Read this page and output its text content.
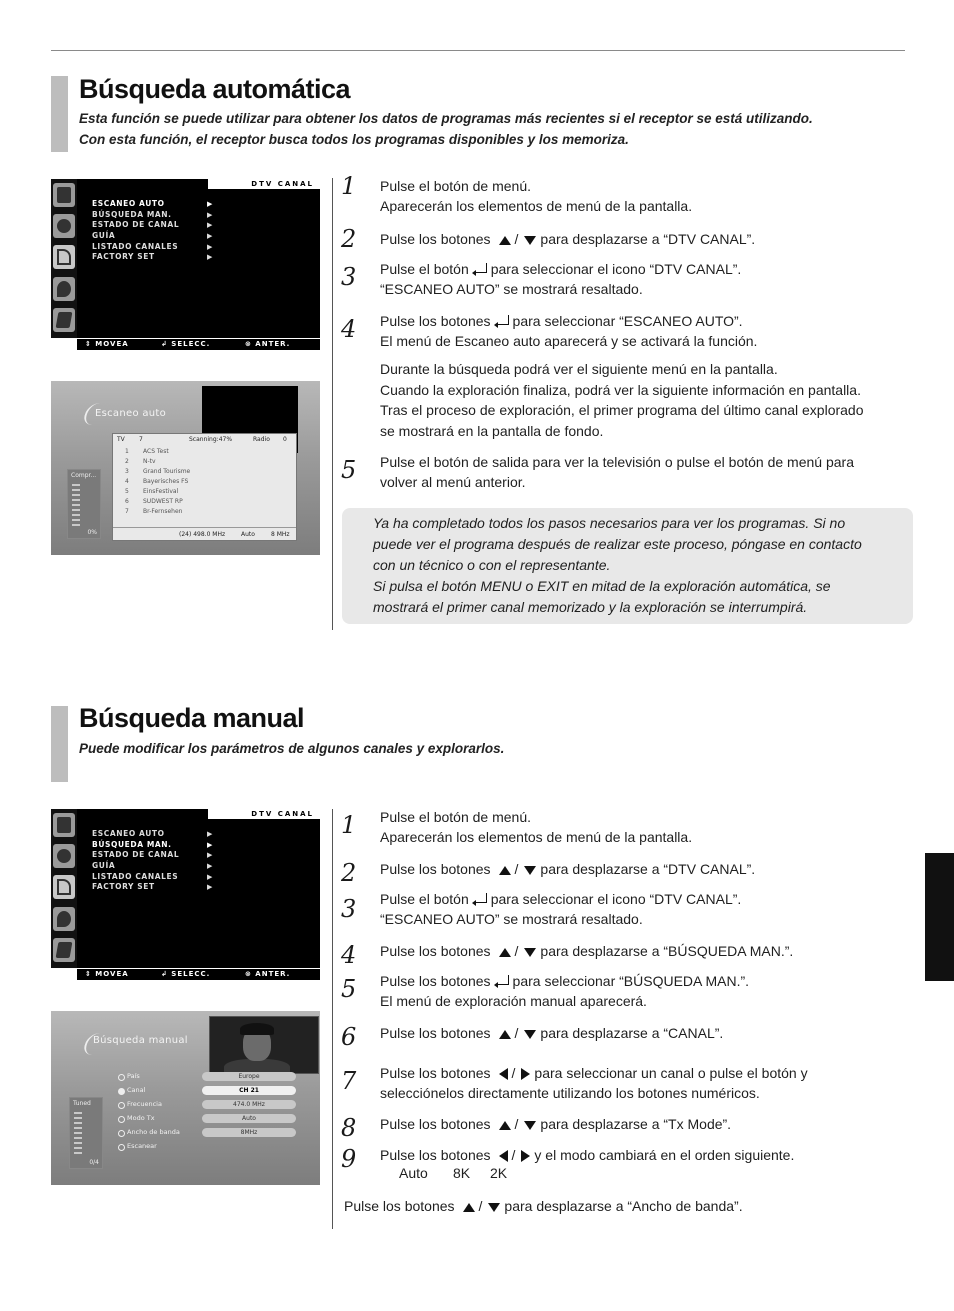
Búsqueda automática

Esta función se puede utilizar para obtener los datos de programas más recientes si el receptor se está utilizando.

Con esta función, el receptor busca todos los programas disponibles y los memoriza.

DTV CANAL
ESCANEO AUTO	▶
BÚSQUEDA MAN.	▶
ESTADO DE CANAL	▶
GUÍA	▶
LISTADO CANALES	▶
FACTORY SET	▶
⇕ MOVEA	↲ SELECC.	⊗ ANTER.
Escaneo auto
Compr...
0%
TV 7	Scanning:47%	Radio 0
1 ACS Test
2 N-tv
3 Grand Tourisme
4 Bayerisches FS
5 EinsFestival
6 SUDWEST RP
7 Br-Fernsehen
(24) 498.0 MHz	Auto	8 MHz
1	Pulse el botón de menú.

Aparecerán los elementos de menú de la pantalla.

2	Pulse los botones / para desplazarse a “DTV CANAL”.

3	Pulse el botón para seleccionar el icono “DTV CANAL”.

“ESCANEO AUTO” se mostrará resaltado.

4	Pulse los botones para seleccionar “ESCANEO AUTO”.

El menú de Escaneo auto aparecerá y se activará la función.

Durante la búsqueda podrá ver el siguiente menú en la pantalla.

Cuando la exploración finaliza, podrá ver la siguiente información en pantalla.

Tras el proceso de exploración, el primer programa del último canal explorado

se mostrará en la pantalla de fondo.

5	Pulse el botón de salida para ver la televisión o pulse el botón de menú para

volver al menú anterior.

Ya ha completado todos los pasos necesarios para ver los programas. Si no
puede ver el programa después de realizar este proceso, póngase en contacto
con un técnico o con el representante.
Si pulsa el botón MENU o EXIT en mitad de la exploración automática, se
mostrará el primer canal memorizado y la exploración se interrumpirá.

Búsqueda manual

Puede modificar los parámetros de algunos canales y explorarlos.

DTV CANAL
ESCANEO AUTO	▶
BÚSQUEDA MAN.	▶
ESTADO DE CANAL	▶
GUÍA	▶
LISTADO CANALES	▶
FACTORY SET	▶
⇕ MOVEA	↲ SELECC.	⊗ ANTER.
Búsqueda manual
Tuned
0/4
País	Europe
Canal	CH 21
Frecuencia	474.0 MHz
Modo Tx	Auto
Ancho de banda	8MHz
Escanear
1	Pulse el botón de menú.

Aparecerán los elementos de menú de la pantalla.

2	Pulse los botones / para desplazarse a “DTV CANAL”.

3	Pulse el botón para seleccionar el icono “DTV CANAL”.

“ESCANEO AUTO” se mostrará resaltado.

4	Pulse los botones / para desplazarse a “BÚSQUEDA MAN.”.

5	Pulse los botones para seleccionar “BÚSQUEDA MAN.”.

El menú de exploración manual aparecerá.

6	Pulse los botones / para desplazarse a “CANAL”.

7	Pulse los botones / para seleccionar un canal o pulse el botón y

selecciónelos directamente utilizando los botones numéricos.

8	Pulse los botones / para desplazarse a “Tx Mode”.

9	Pulse los botones / y el modo cambiará en el orden siguiente.

Auto 8K 2K

Pulse los botones / para desplazarse a “Ancho de banda”.
